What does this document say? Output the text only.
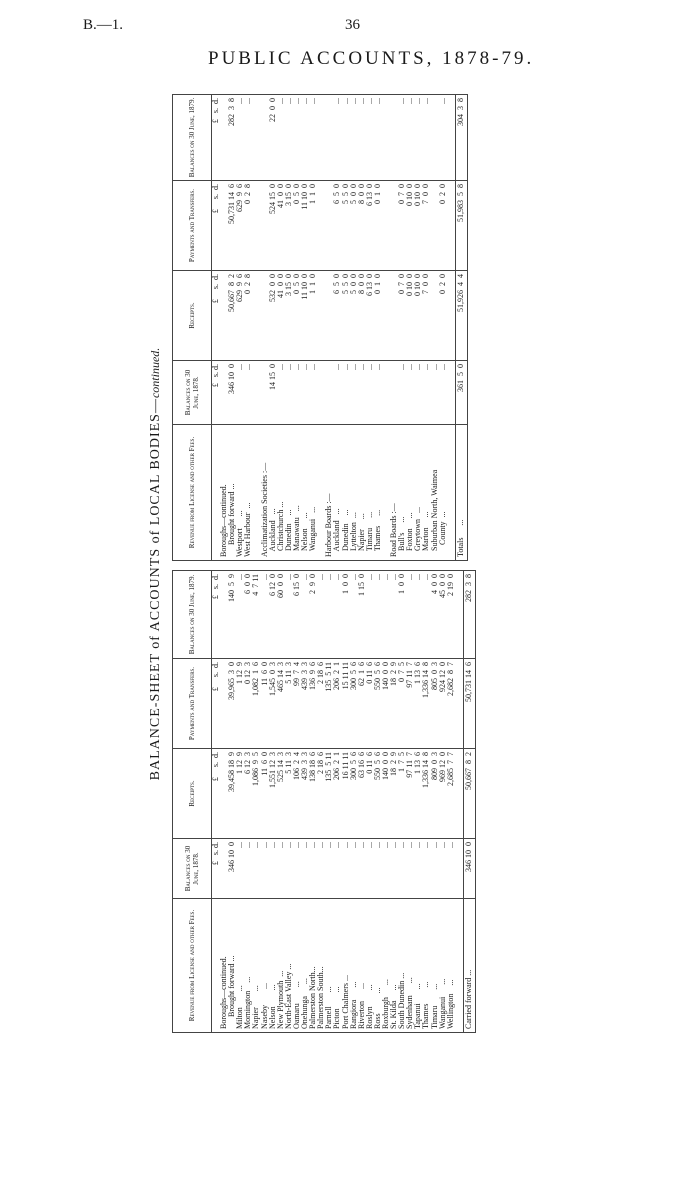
B.—1.	36
PUBLIC ACCOUNTS, 1878-79.
BALANCE-SHEET of ACCOUNTS of LOCAL BODIES—continued.
Revenue from License and other Fees.	Balances on 30 June, 1878.	Receipts.	Payments and Transfers.	Balances on 30 June, 1879.
	£   s. d.	£     s.  d.	£     s.  d.	£   s.  d.
Boroughs—continued.				
Brought forward ...	346 10  0	39,458 18  9	39,965  3  0	140  5  9
Milton        ...	...	1 12  9	1 12  9	...
Mornington    ...	...	6 12  3	0 12  3	6  0  0
Napier        ...	...	1,086  9  5	1,082  1  6	4  7 11
Naseby        ...	...	11  6  0	11  6  0	...
Nelson        ...	...	1,551 12  3	1,545  0  3	6 12  0
New Plymouth  ...	...	525 14  3	465 14  3	60  0  0
North-East Valley ...	...	5 11  3	5 11  3	...
Oamaru        ...	...	106  2  4	99  7  4	6 15  0
Onehunga      ...	...	439  3  3	439  3  3	...
Palmerston North...	...	138 18  6	136  9  6	2  9  0
Palmerston South...	...	2 18  6	2 18  6	...
Parnell       ...	...	135  5 11	135  5 11	...
Picton        ...	...	206  2  1	206  2  1	...
Port Chalmers ...	...	16 11 11	15 11 11	1  0  0
Rangiora      ...	...	300  5  6	300  5  6	...
Riverton      ...	...	63 16  6	62  1  6	1 15  0
Roslyn        ...	...	0 11  6	0 11  6	...
Ross          ...	...	550  5  6	550  5  6	...
Roxburgh      ...	...	140  0  0	140  0  0	...
St. Kilda     ...	...	18  2  9	18  2  9	...
South Dunedin ...	...	1  7  5	0  7  5	1  0  0
Sydenham      ...	...	97 11  7	97 11  7	...
Tapanui       ...	...	1 13  6	1 13  6	...
Thames        ...	...	1,336 14  8	1,336 14  8	...
Timaru        ...	...	809  0  3	805  0  3	4  0  0
Wanganui      ...	...	969 12  0	924 12  0	45  0  0
Wellington    ...	...	2,685  7  7	2,682  8  7	2 19  0

Carried forward ...	346 10  0	50,667  8  2	50,731 14  6	282  3  8
Revenue from License and other Fees.	Balances on 30 June, 1878.	Receipts.	Payments and Transfers.	Balances on 30 June, 1879.
	£   s. d.	£     s.  d.	£     s.  d.	£   s.  d.
Boroughs—continued.				
Brought forward ...	346 10  0	50,667  8  2	50,731 14  6	282  3  8
Westport      ...	...	629  9  6	629  9  6	...
West Harbour  ...	...	0  2  8	0  2  8	...

Acclimatization Societies :—				
Auckland   ...	14 15  0	532  0  0	524 15  0	22  0  0
Christchurch ...	...	41  0  0	41  0  0	...
Dunedin    ...	...	3 15  0	3 15  0	...
Manawatu   ...	...	0  5  0	0  5  0	...
Nelson     ...	...	11 10  0	11 10  0	...
Wanganui   ...	...	1  1  0	1  1  0	...

Harbour Boards :—				
Auckland   ...	...	6  5  0	6  5  0	...
Dunedin    ...	...	5  5  0	5  5  0	...
Lyttelton  ...	...	5  0  0	5  0  0	...
Napier     ...	...	8  0  0	8  0  0	...
Timaru     ...	...	6 13  0	6 13  0	...
Thames     ...	...	0  1  0	0  1  0	...

Road Boards :—				
Bull's     ...	...	0  7  0	0  7  0	...
Foxton     ...	...	0 10  0	0 10  0	...
Greytown   ...	...	0 10  0	0 10  0	...
Marton     ...	...	7  0  0	7  0  0	...
Suburban North, Waimea	...			
County  ...	...	0  2  0	0  2  0	...

Totals      ...	361  5  0	51,926  4  4	51,983  5  8	304  3  8
